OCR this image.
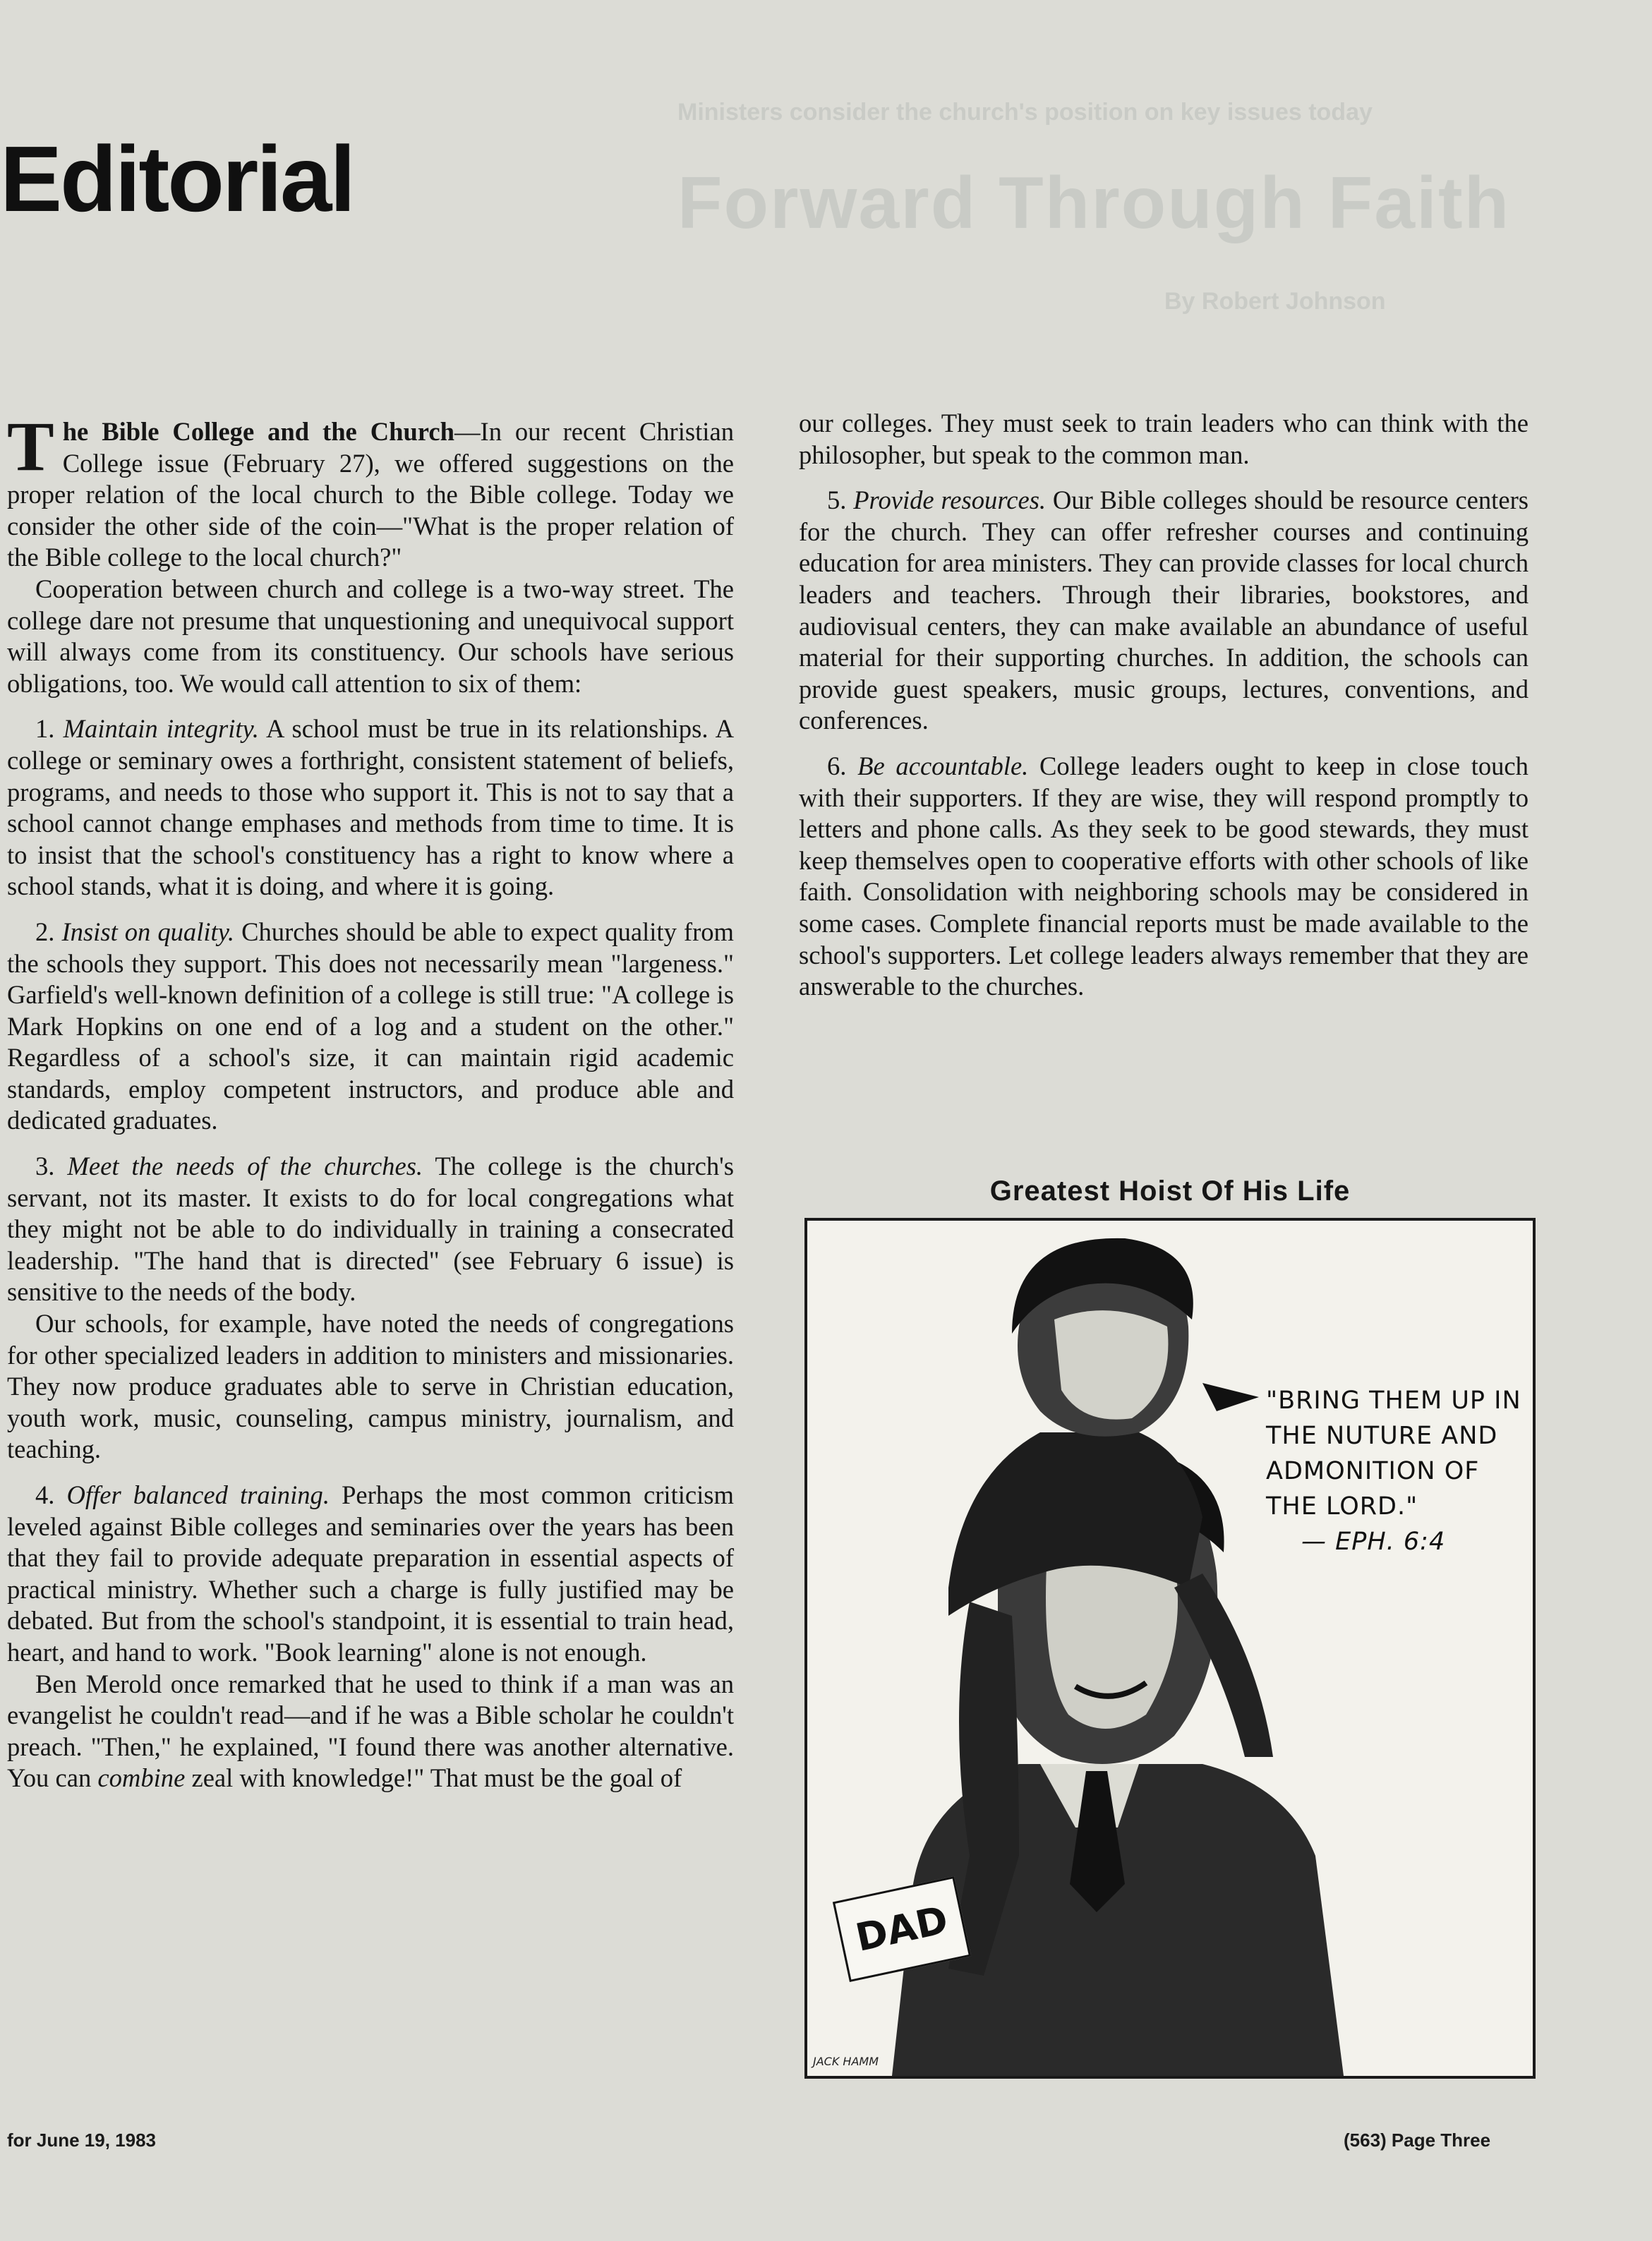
Ministers consider the church's position on key issues today
Forward Through Faith
By Robert Johnson
Editorial

T he Bible College and the Church—In our recent Christian College issue (February 27), we offered suggestions on the proper relation of the local church to the Bible college. Today we consider the other side of the coin—"What is the proper relation of the Bible college to the local church?"

Cooperation between church and college is a two-way street. The college dare not presume that unquestioning and unequivocal support will always come from its constituency. Our schools have serious obligations, too. We would call attention to six of them:

1. Maintain integrity. A school must be true in its relationships. A college or seminary owes a forthright, consistent statement of beliefs, programs, and needs to those who support it. This is not to say that a school cannot change emphases and methods from time to time. It is to insist that the school's constituency has a right to know where a school stands, what it is doing, and where it is going.

2. Insist on quality. Churches should be able to expect quality from the schools they support. This does not necessarily mean "largeness." Garfield's well-known definition of a college is still true: "A college is Mark Hopkins on one end of a log and a student on the other." Regardless of a school's size, it can maintain rigid academic standards, employ competent instructors, and produce able and dedicated graduates.

3. Meet the needs of the churches. The college is the church's servant, not its master. It exists to do for local congregations what they might not be able to do individually in training a consecrated leadership. "The hand that is directed" (see February 6 issue) is sensitive to the needs of the body.

Our schools, for example, have noted the needs of congregations for other specialized leaders in addition to ministers and missionaries. They now produce graduates able to serve in Christian education, youth work, music, counseling, campus ministry, journalism, and teaching.

4. Offer balanced training. Perhaps the most common criticism leveled against Bible colleges and seminaries over the years has been that they fail to provide adequate preparation in essential aspects of practical ministry. Whether such a charge is fully justified may be debated. But from the school's standpoint, it is essential to train head, heart, and hand to work. "Book learning" alone is not enough.

Ben Merold once remarked that he used to think if a man was an evangelist he couldn't read—and if he was a Bible scholar he couldn't preach. "Then," he explained, "I found there was another alternative. You can combine zeal with knowledge!" That must be the goal of

our colleges. They must seek to train leaders who can think with the philosopher, but speak to the common man.

5. Provide resources. Our Bible colleges should be resource centers for the church. They can offer refresher courses and continuing education for area ministers. They can provide classes for local church leaders and teachers. Through their libraries, bookstores, and audiovisual centers, they can make available an abundance of useful material for their supporting churches. In addition, the schools can provide guest speakers, music groups, lectures, conventions, and conferences.

6. Be accountable. College leaders ought to keep in close touch with their supporters. If they are wise, they will respond promptly to letters and phone calls. As they seek to be good stewards, they must keep themselves open to cooperative efforts with other schools of like faith. Consolidation with neighboring schools may be considered in some cases. Complete financial reports must be made available to the school's supporters. Let college leaders always remember that they are answerable to the churches.

Greatest Hoist Of His Life
"BRING THEM UP IN THE NUTURE AND ADMONITION OF THE LORD."
— EPH. 6:4
DAD
JACK HAMM
for June 19, 1983	(563) Page Three
